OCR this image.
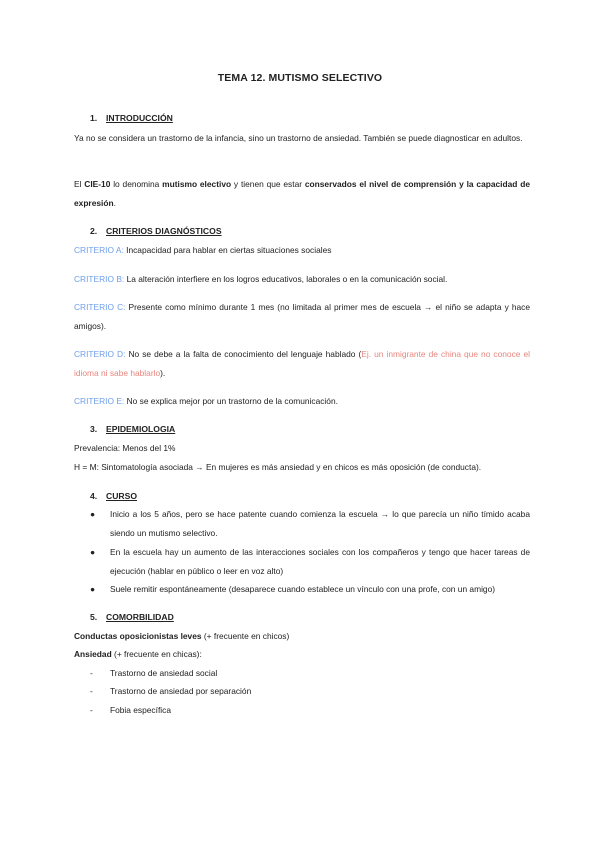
TEMA 12. MUTISMO SELECTIVO
1. INTRODUCCIÓN
Ya no se considera un trastorno de la infancia, sino un trastorno de ansiedad. También se puede diagnosticar en adultos.
El CIE-10 lo denomina mutismo electivo y tienen que estar conservados el nivel de comprensión y la capacidad de expresión.
2. CRITERIOS DIAGNÓSTICOS
CRITERIO A: Incapacidad para hablar en ciertas situaciones sociales
CRITERIO B: La alteración interfiere en los logros educativos, laborales o en la comunicación social.
CRITERIO C: Presente como mínimo durante 1 mes (no limitada al primer mes de escuela → el niño se adapta y hace amigos).
CRITERIO D: No se debe a la falta de conocimiento del lenguaje hablado (Ej. un inmigrante de china que no conoce el idioma ni sabe hablarlo).
CRITERIO E: No se explica mejor por un trastorno de la comunicación.
3. EPIDEMIOLOGIA
Prevalencia: Menos del 1%
H = M: Sintomatología asociada → En mujeres es más ansiedad y en chicos es más oposición (de conducta).
4. CURSO
● Inicio a los 5 años, pero se hace patente cuando comienza la escuela → lo que parecía un niño tímido acaba siendo un mutismo selectivo.
● En la escuela hay un aumento de las interacciones sociales con los compañeros y tengo que hacer tareas de ejecución (hablar en público o leer en voz alto)
● Suele remitir espontáneamente (desaparece cuando establece un vínculo con una profe, con un amigo)
5. COMORBILIDAD
Conductas oposicionistas leves (+ frecuente en chicos)
Ansiedad (+ frecuente en chicas):
- Trastorno de ansiedad social
- Trastorno de ansiedad por separación
- Fobia específica
